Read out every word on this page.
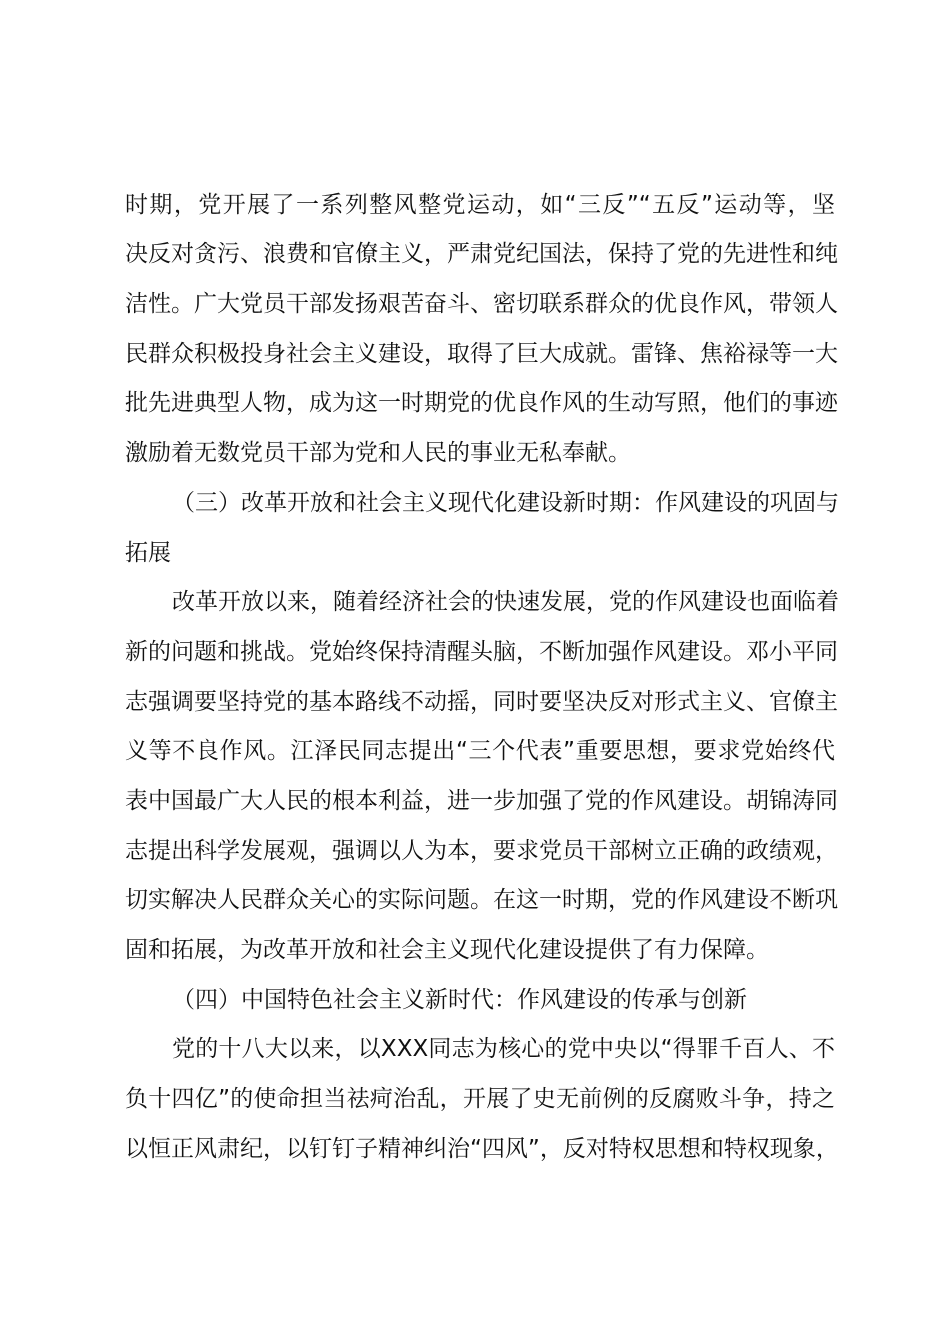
时期，党开展了一系列整风整党运动，如“三反”“五反”运动等，坚
决反对贪污、浪费和官僚主义，严肃党纪国法，保持了党的先进性和纯
洁性。广大党员干部发扬艰苦奋斗、密切联系群众的优良作风，带领人
民群众积极投身社会主义建设，取得了巨大成就。雷锋、焦裕禄等一大
批先进典型人物，成为这一时期党的优良作风的生动写照，他们的事迹
激励着无数党员干部为党和人民的事业无私奉献。
（三）改革开放和社会主义现代化建设新时期：作风建设的巩固与
拓展
改革开放以来，随着经济社会的快速发展，党的作风建设也面临着
新的问题和挑战。党始终保持清醒头脑，不断加强作风建设。邓小平同
志强调要坚持党的基本路线不动摇，同时要坚决反对形式主义、官僚主
义等不良作风。江泽民同志提出“三个代表”重要思想，要求党始终代
表中国最广大人民的根本利益，进一步加强了党的作风建设。胡锦涛同
志提出科学发展观，强调以人为本，要求党员干部树立正确的政绩观，
切实解决人民群众关心的实际问题。在这一时期，党的作风建设不断巩
固和拓展，为改革开放和社会主义现代化建设提供了有力保障。
（四）中国特色社会主义新时代：作风建设的传承与创新
党的十八大以来，以XXX同志为核心的党中央以“得罪千百人、不
负十四亿”的使命担当祛疴治乱，开展了史无前例的反腐败斗争，持之
以恒正风肃纪，以钉钉子精神纠治“四风”，反对特权思想和特权现象，
